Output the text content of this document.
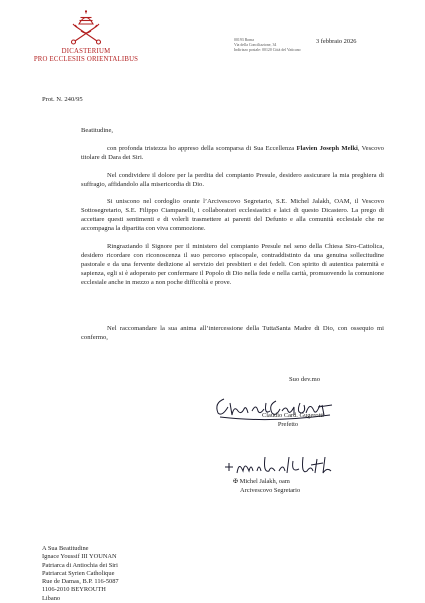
DICASTERIUM
PRO ECCLESIIS ORIENTALIBUS
00193 Roma
Via della Conciliazione, 34
Indirizzo postale: 00120 Città del Vaticano
3 febbraio 2026
Prot. N. 240/95
Beatitudine,

con profonda tristezza ho appreso della scomparsa di Sua Eccellenza Flavien Joseph Melki, Vescovo titolare di Dara dei Siri.

Nel condividere il dolore per la perdita del compianto Presule, desidero assicurare la mia preghiera di suffragio, affidandolo alla misericordia di Dio.

Si uniscono nel cordoglio orante l’Arcivescovo Segretario, S.E. Michel Jalakh, OAM, il Vescovo Sottosegretario, S.E. Filippo Ciampanelli, i collaboratori ecclesiastici e laici di questo Dicastero. La prego di accettare questi sentimenti e di volerli trasmettere ai parenti del Defunto e alla comunità ecclesiale che ne accompagna la dipartita con viva commozione.

Ringraziando il Signore per il ministero del compianto Presule nel seno della Chiesa Siro-Cattolica, desidero ricordare con riconoscenza il suo percorso episcopale, contraddistinto da una genuina sollecitudine pastorale e da una fervente dedizione al servizio dei presbiteri e dei fedeli. Con spirito di autentica paternità e sapienza, egli si è adoperato per confermare il Popolo di Dio nella fede e nella carità, promuovendo la comunione ecclesiale anche in mezzo a non poche difficoltà e prove.

Nel raccomandare la sua anima all’intercessione della TuttaSanta Madre di Dio, con ossequio mi confermo,

Suo dev.mo
Claudio Card. Gugerotti
Prefetto
✠ Michel Jalakh, oam
Arcivescovo Segretario
A Sua Beatitudine
Ignace Youssif III YOUNAN
Patriarca di Antiochia dei Siri
Patriarcat Syrien Catholique
Rue de Damas, B.P. 116-5087
1106-2010 BEYROUTH
Libano
